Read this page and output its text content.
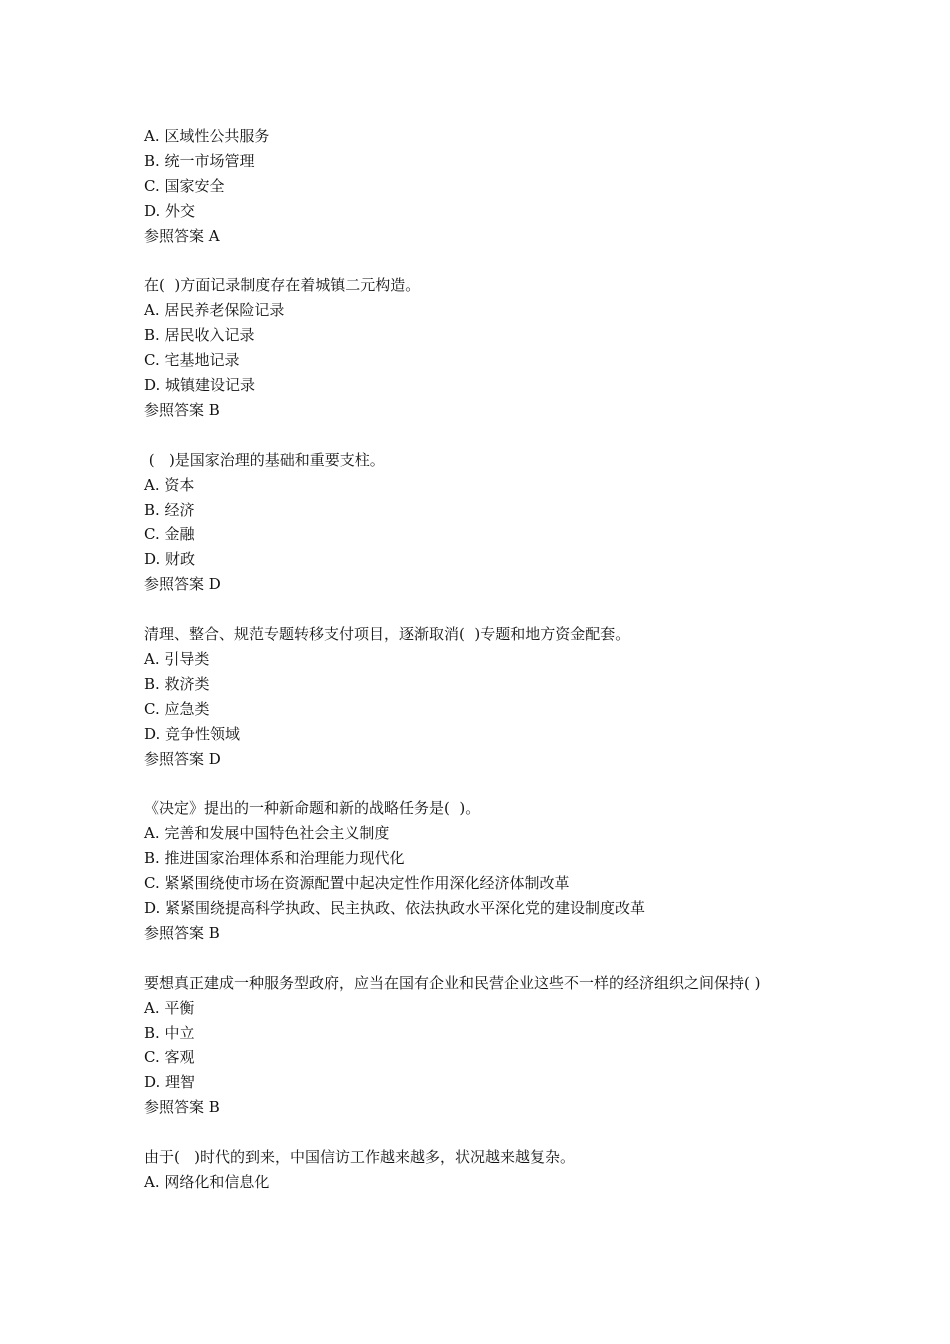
A. 区域性公共服务
B. 统一市场管理
C. 国家安全
D. 外交
参照答案 A
在(  )方面记录制度存在着城镇二元构造。
A. 居民养老保险记录
B. 居民收入记录
C. 宅基地记录
D. 城镇建设记录
参照答案 B
(   )是国家治理的基础和重要支柱。
A. 资本
B. 经济
C. 金融
D. 财政
参照答案 D
清理、整合、规范专题转移支付项目，逐渐取消(  )专题和地方资金配套。
A. 引导类
B. 救济类
C. 应急类
D. 竞争性领域
参照答案 D
《决定》提出的一种新命题和新的战略任务是(  )。
A. 完善和发展中国特色社会主义制度
B. 推进国家治理体系和治理能力现代化
C. 紧紧围绕使市场在资源配置中起决定性作用深化经济体制改革
D. 紧紧围绕提高科学执政、民主执政、依法执政水平深化党的建设制度改革
参照答案 B
要想真正建成一种服务型政府，应当在国有企业和民营企业这些不一样的经济组织之间保持( )
A. 平衡
B. 中立
C. 客观
D. 理智
参照答案 B
由于(   )时代的到来，中国信访工作越来越多，状况越来越复杂。
A. 网络化和信息化
